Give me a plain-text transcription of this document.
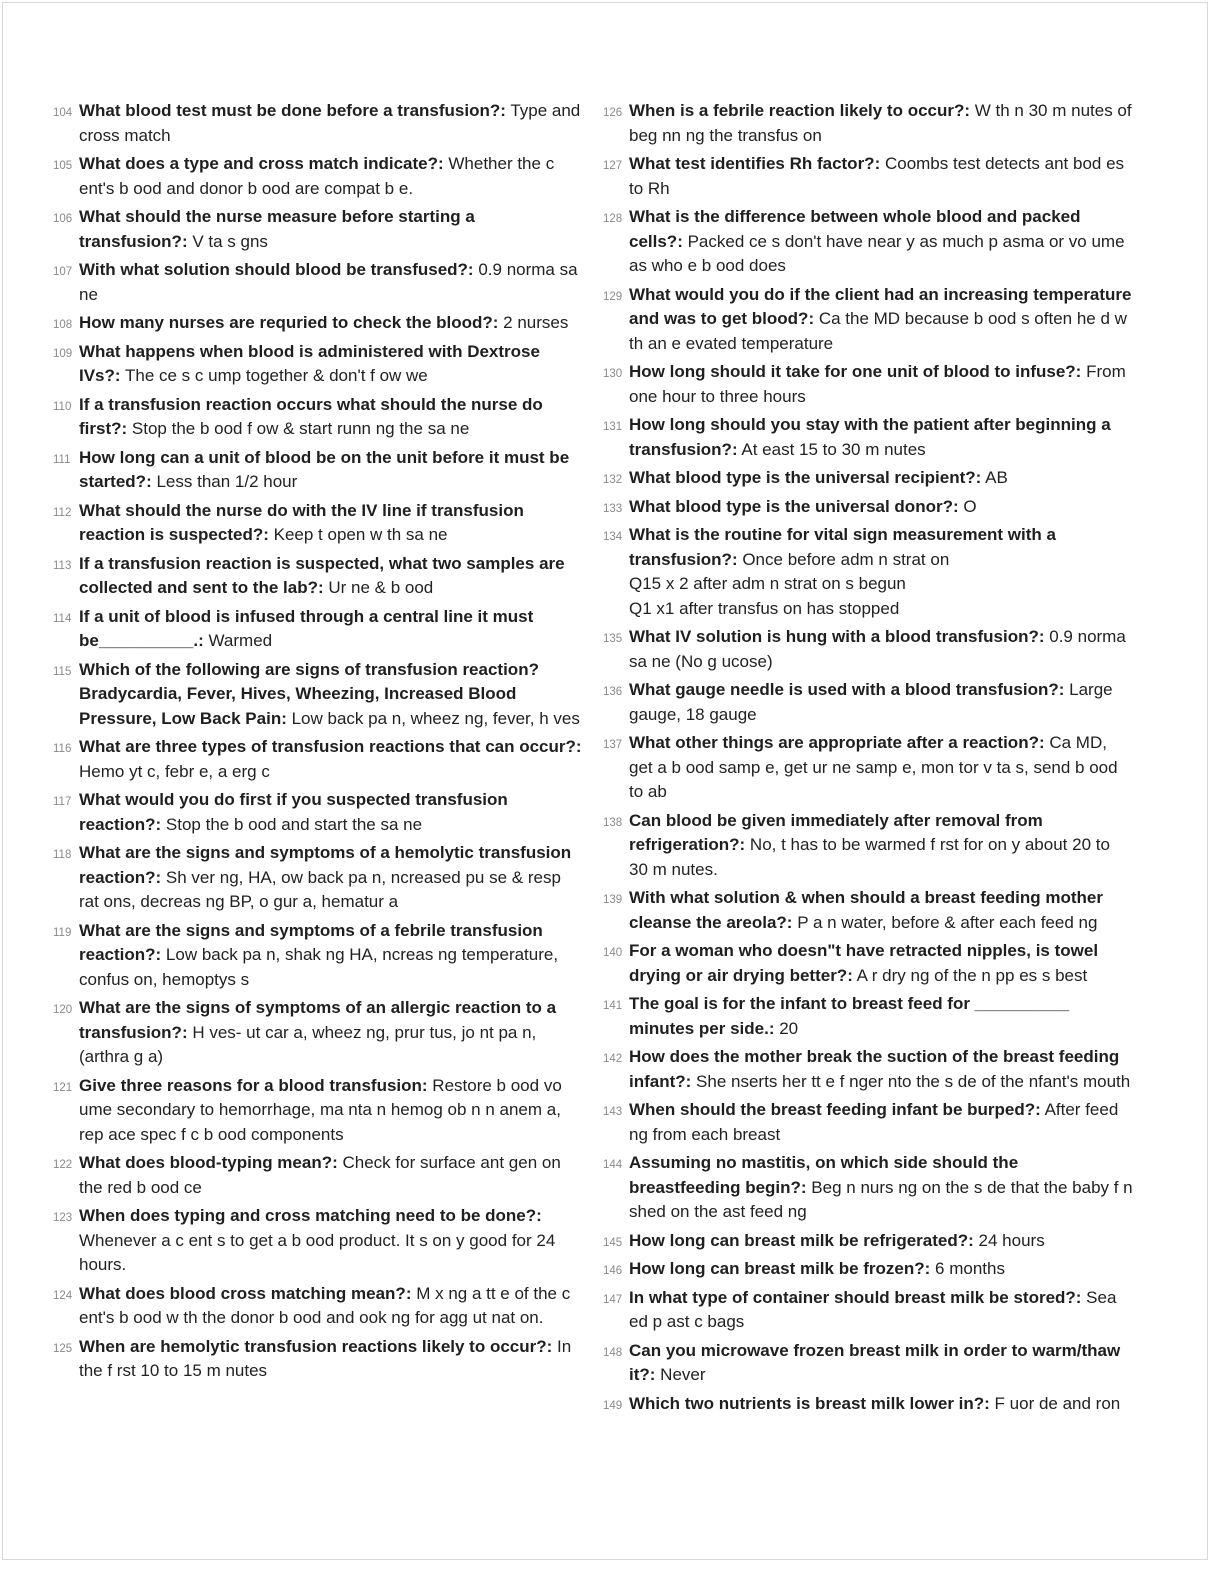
104 What blood test must be done before a transfusion?: Type and cross match
105 What does a type and cross match indicate?: Whether the c ent's b ood and donor b ood are compat b e.
106 What should the nurse measure before starting a transfusion?: V ta s gns
107 With what solution should blood be transfused?: 0.9 norma sa ne
108 How many nurses are requried to check the blood?: 2 nurses
109 What happens when blood is administered with Dextrose IVs?: The ce s c ump together & don't f ow we
110 If a transfusion reaction occurs what should the nurse do first?: Stop the b ood f ow & start runn ng the sa ne
111 How long can a unit of blood be on the unit before it must be started?: Less than 1/2 hour
112 What should the nurse do with the IV line if transfusion reaction is suspected?: Keep t open w th sa ne
113 If a transfusion reaction is suspected, what two samples are collected and sent to the lab?: Ur ne & b ood
114 If a unit of blood is infused through a central line it must be__________.: Warmed
115 Which of the following are signs of transfusion reaction? Bradycardia, Fever, Hives, Wheezing, Increased Blood Pressure, Low Back Pain: Low back pa n, wheez ng, fever, h ves
116 What are three types of transfusion reactions that can occur?: Hemo yt c, febr e, a erg c
117 What would you do first if you suspected transfusion reaction?: Stop the b ood and start the sa ne
118 What are the signs and symptoms of a hemolytic transfusion reaction?: Sh ver ng, HA, ow back pa n, ncreased pu se & resp rat ons, decreas ng BP, o gur a, hematur a
119 What are the signs and symptoms of a febrile transfusion reaction?: Low back pa n, shak ng HA, ncreas ng temperature, confus on, hemoptys s
120 What are the signs of symptoms of an allergic reaction to a transfusion?: H ves- ut car a, wheez ng, prur tus, jo nt pa n, (arthra g a)
121 Give three reasons for a blood transfusion: Restore b ood vo ume secondary to hemorrhage, ma nta n hemog ob n n anem a, rep ace spec f c b ood components
122 What does blood-typing mean?: Check for surface ant gen on the red b ood ce
123 When does typing and cross matching need to be done?: Whenever a c ent s to get a b ood product. It s on y good for 24 hours.
124 What does blood cross matching mean?: M x ng a tt e of the c ent's b ood w th the donor b ood and ook ng for agg ut nat on.
125 When are hemolytic transfusion reactions likely to occur?: In the f rst 10 to 15 m nutes
126 When is a febrile reaction likely to occur?: W th n 30 m nutes of beg nn ng the transfus on
127 What test identifies Rh factor?: Coombs test detects ant bod es to Rh
128 What is the difference between whole blood and packed cells?: Packed ce s don't have near y as much p asma or vo ume as who e b ood does
129 What would you do if the client had an increasing temperature and was to get blood?: Ca the MD because b ood s often he d w th an e evated temperature
130 How long should it take for one unit of blood to infuse?: From one hour to three hours
131 How long should you stay with the patient after beginning a transfusion?: At east 15 to 30 m nutes
132 What blood type is the universal recipient?: AB
133 What blood type is the universal donor?: O
134 What is the routine for vital sign measurement with a transfusion?: Once before adm n strat on
Q15 x 2 after adm n strat on s begun
Q1 x1 after transfus on has stopped
135 What IV solution is hung with a blood transfusion?: 0.9 norma sa ne (No g ucose)
136 What gauge needle is used with a blood transfusion?: Large gauge, 18 gauge
137 What other things are appropriate after a reaction?: Ca MD, get a b ood samp e, get ur ne samp e, mon tor v ta s, send b ood to ab
138 Can blood be given immediately after removal from refrigeration?: No, t has to be warmed f rst for on y about 20 to 30 m nutes.
139 With what solution & when should a breast feeding mother cleanse the areola?: P a n water, before & after each feed ng
140 For a woman who doesn"t have retracted nipples, is towel drying or air drying better?: A r dry ng of the n pp es s best
141 The goal is for the infant to breast feed for __________ minutes per side.: 20
142 How does the mother break the suction of the breast feeding infant?: She nserts her tt e f nger nto the s de of the nfant's mouth
143 When should the breast feeding infant be burped?: After feed ng from each breast
144 Assuming no mastitis, on which side should the breastfeeding begin?: Beg n nurs ng on the s de that the baby f n shed on the ast feed ng
145 How long can breast milk be refrigerated?: 24 hours
146 How long can breast milk be frozen?: 6 months
147 In what type of container should breast milk be stored?: Sea ed p ast c bags
148 Can you microwave frozen breast milk in order to warm/thaw it?: Never
149 Which two nutrients is breast milk lower in?: F uor de and ron
